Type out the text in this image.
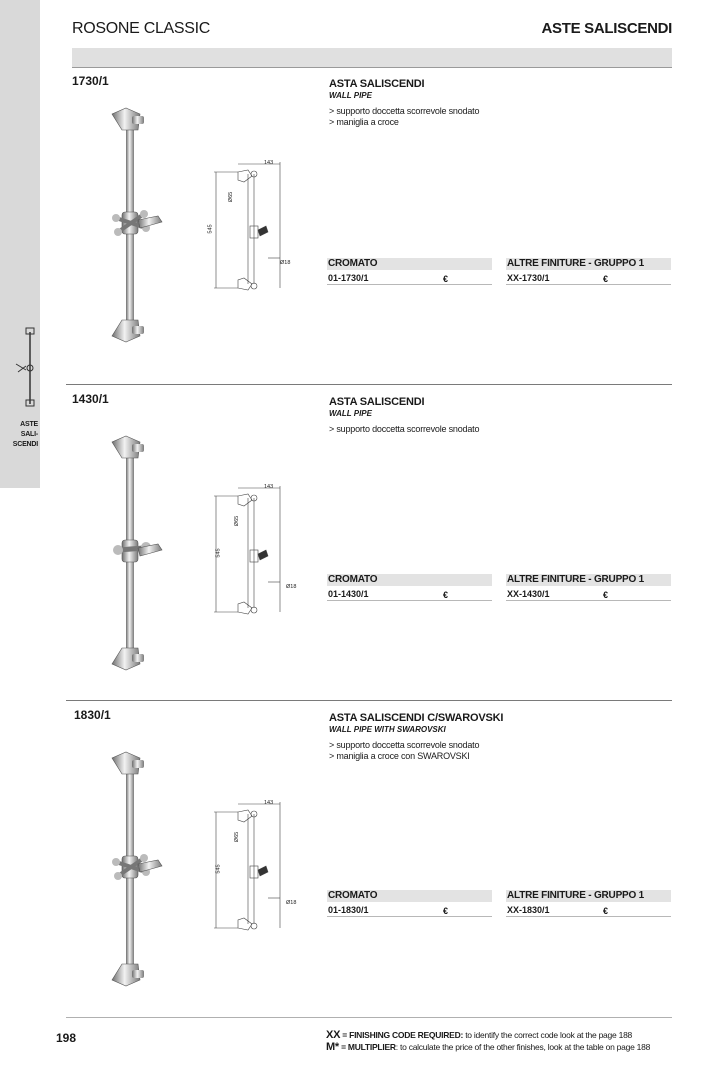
ASTE
SALI-
SCENDI
ROSONE CLASSIC	ASTE SALISCENDI
1730/1
143
545
Ø65
Ø18
ASTA SALISCENDI
WALL PIPE
> supporto doccetta scorrevole snodato
> maniglia a croce
CROMATO
01-1730/1	€
ALTRE FINITURE - GRUPPO 1
XX-1730/1	€
1430/1
143
545
Ø65
Ø18
ASTA SALISCENDI
WALL PIPE
> supporto doccetta scorrevole snodato
CROMATO
01-1430/1	€
ALTRE FINITURE - GRUPPO 1
XX-1430/1	€
1830/1
143
545
Ø65
Ø18
ASTA SALISCENDI C/SWAROVSKI
WALL PIPE WITH SWAROVSKI
> supporto doccetta scorrevole snodato
> maniglia a croce con SWAROVSKI
CROMATO
01-1830/1	€
ALTRE FINITURE - GRUPPO 1
XX-1830/1	€
198	XX = FINISHING CODE REQUIRED: to identify the correct code look at the page 188
M* = MULTIPLIER: to calculate the price of the other finishes, look at the table on page 188
